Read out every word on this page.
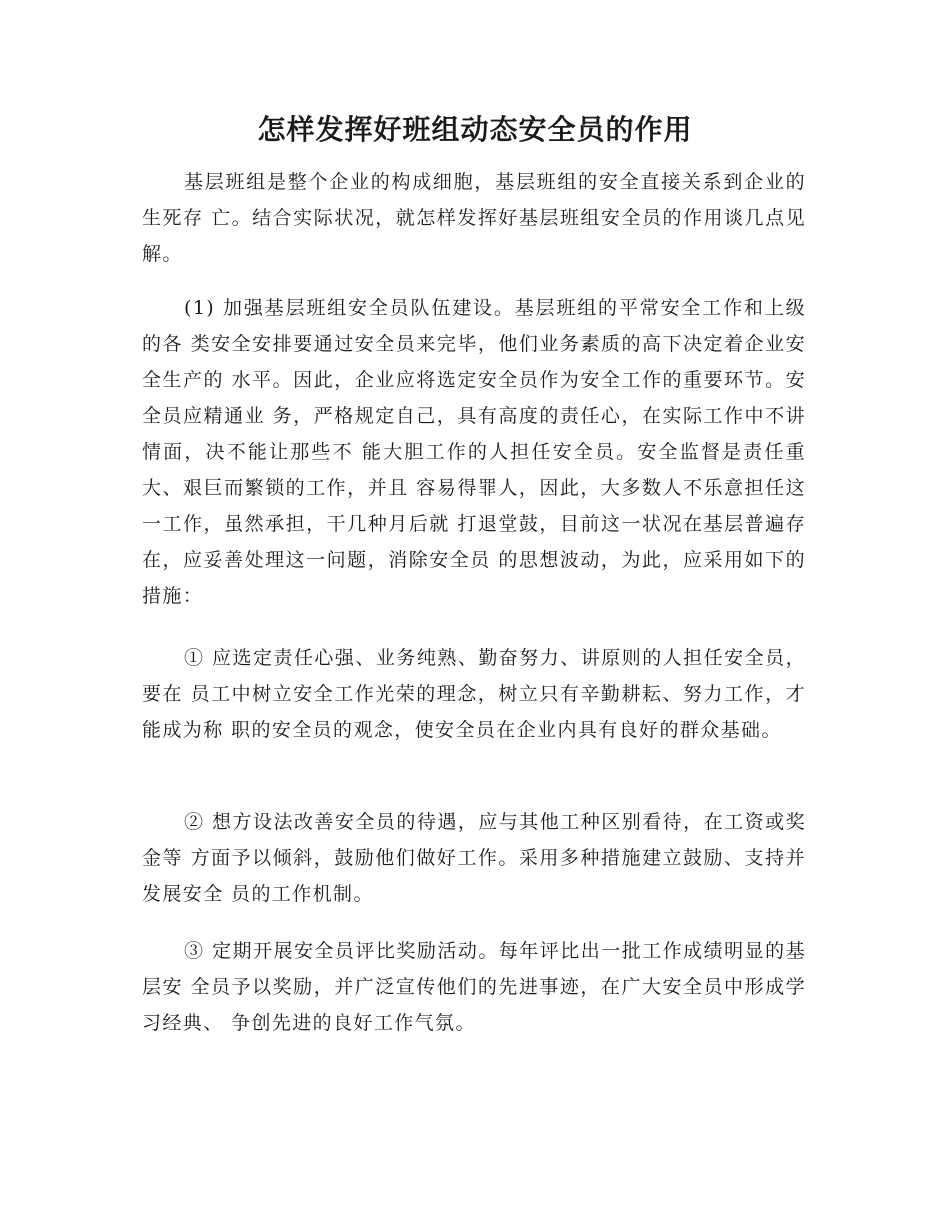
怎样发挥好班组动态安全员的作用

基层班组是整个企业的构成细胞，基层班组的安全直接关系到企业的生死存 亡。结合实际状况，就怎样发挥好基层班组安全员的作用谈几点见解。

(1) 加强基层班组安全员队伍建设。基层班组的平常安全工作和上级的各 类安全安排要通过安全员来完毕，他们业务素质的高下决定着企业安全生产的 水平。因此，企业应将选定安全员作为安全工作的重要环节。安全员应精通业 务，严格规定自己，具有高度的责任心，在实际工作中不讲情面，决不能让那些不 能大胆工作的人担任安全员。安全监督是责任重大、艰巨而繁锁的工作，并且 容易得罪人，因此，大多数人不乐意担任这一工作，虽然承担，干几种月后就 打退堂鼓，目前这一状况在基层普遍存在，应妥善处理这一问题，消除安全员 的思想波动，为此，应采用如下的措施：

① 应选定责任心强、业务纯熟、勤奋努力、讲原则的人担任安全员，要在 员工中树立安全工作光荣的理念，树立只有辛勤耕耘、努力工作，才能成为称 职的安全员的观念，使安全员在企业内具有良好的群众基础。

② 想方设法改善安全员的待遇，应与其他工种区别看待，在工资或奖金等 方面予以倾斜，鼓励他们做好工作。采用多种措施建立鼓励、支持并发展安全 员的工作机制。

③ 定期开展安全员评比奖励活动。每年评比出一批工作成绩明显的基层安 全员予以奖励，并广泛宣传他们的先进事迹，在广大安全员中形成学习经典、 争创先进的良好工作气氛。
